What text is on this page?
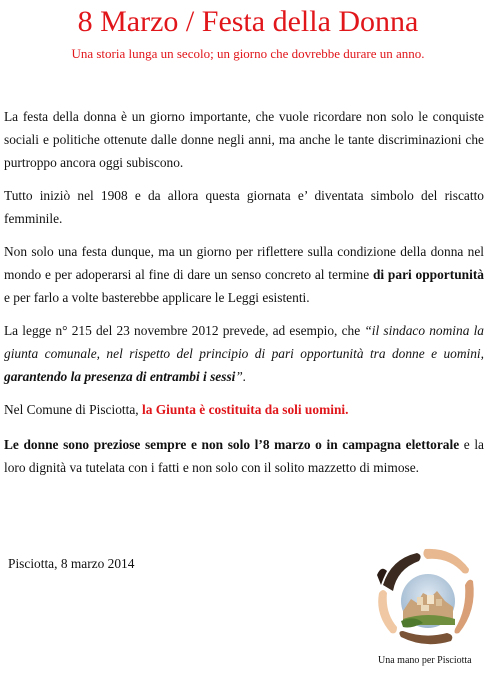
8 Marzo / Festa della Donna
Una storia lunga un secolo; un giorno che dovrebbe durare un anno.

La festa della donna è un giorno importante, che vuole ricordare non solo le conquiste sociali e politiche ottenute dalle donne negli anni, ma anche le tante discriminazioni che purtroppo ancora oggi subiscono.

Tutto iniziò nel 1908 e da allora questa giornata e’ diventata simbolo del riscatto femminile.

Non solo una festa dunque, ma un giorno per riflettere sulla condizione della donna nel mondo e per adoperarsi al fine di dare un senso concreto al termine di pari opportunità e per farlo a volte basterebbe applicare le Leggi esistenti.

La legge n° 215 del 23 novembre 2012 prevede, ad esempio, che “il sindaco nomina la giunta comunale, nel rispetto del principio di pari opportunità tra donne e uomini, garantendo la presenza di entrambi i sessi”.

Nel Comune di Pisciotta, la Giunta è costituita da soli uomini.

Le donne sono preziose sempre e non solo l’8 marzo o in campagna elettorale e la loro dignità va tutelata con i fatti e non solo con il solito mazzetto di mimose.

Pisciotta, 8 marzo 2014
Una mano per Pisciotta
